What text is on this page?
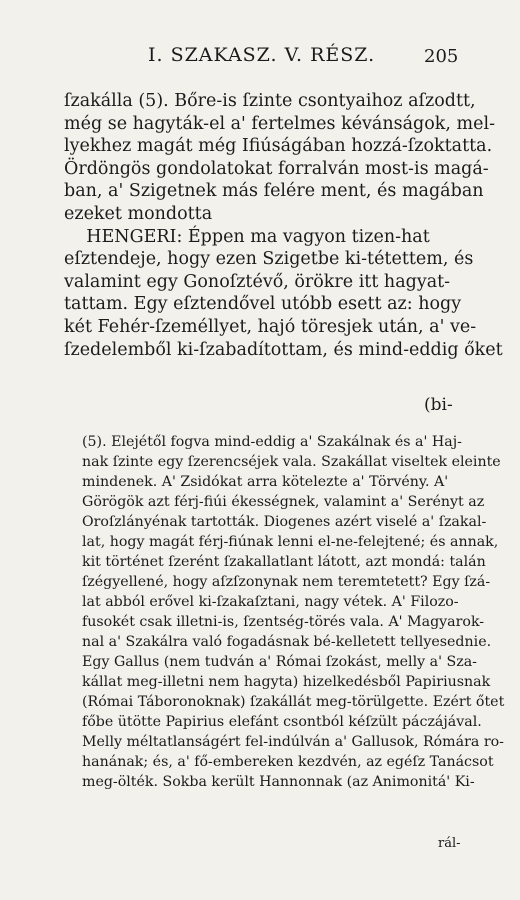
I. SZAKASZ. V. RÉSZ.	205
ſzakálla (5). Bőre-is ſzinte csontyaihoz aſzodtt,
még se hagyták-el a' fertelmes kévánságok, mel-
lyekhez magát még Ifiúságában hozzá-ſzoktatta.
Ördöngös gondolatokat forralván most-is magá-
ban, a' Szigetnek más felére ment, és magában
ezeket mondotta
HENGERI: Éppen ma vagyon tizen-hat
eſztendeje, hogy ezen Szigetbe ki-tétettem, és
valamint egy Gonoſztévő, örökre itt hagyat-
tattam. Egy eſztendővel utóbb esett az: hogy
két Fehér-ſzeméllyet, hajó töresjek után, a' ve-
ſzedelemből ki-ſzabadítottam, és mind-eddig őket
(bi-
(5). Elejétől fogva mind-eddig a' Szakálnak és a' Haj-
nak ſzinte egy ſzerencséjek vala. Szakállat viseltek eleinte
mindenek. A' Zsidókat arra kötelezte a' Törvény. A'
Görögök azt férj-fiúi ékességnek, valamint a' Serényt az
Oroſzlányénak tartották. Diogenes azért viselé a' ſzakal-
lat, hogy magát férj-fiúnak lenni el-ne-felejtené; és annak,
kit történet ſzerént ſzakallatlant látott, azt mondá: talán
ſzégyellené, hogy aſzſzonynak nem teremtetett? Egy ſzá-
lat abból erővel ki-ſzakaſztani, nagy vétek. A' Filozo-
fusokét csak illetni-is, ſzentség-törés vala. A' Magyarok-
nal a' Szakálra való fogadásnak bé-kelletett tellyesedniе.
Egy Gallus (nem tudván a' Római ſzokást, melly a' Sza-
kállat meg-illetni nem hagyta) hizelkedésből Papiriusnak
(Római Táboronoknak) ſzakállát meg-törülgette. Ezért őtet
főbe ütötte Papirius elefánt csontból kéſzült páczájával.
Melly méltatlanságért fel-indúlván a' Gallusok, Rómára ro-
hanának; és, a' fő-embereken kezdvén, az egéſz Tanácsot
meg-ölték. Sokba került Hannonnak (az Animonitá' Ki-
rál-
